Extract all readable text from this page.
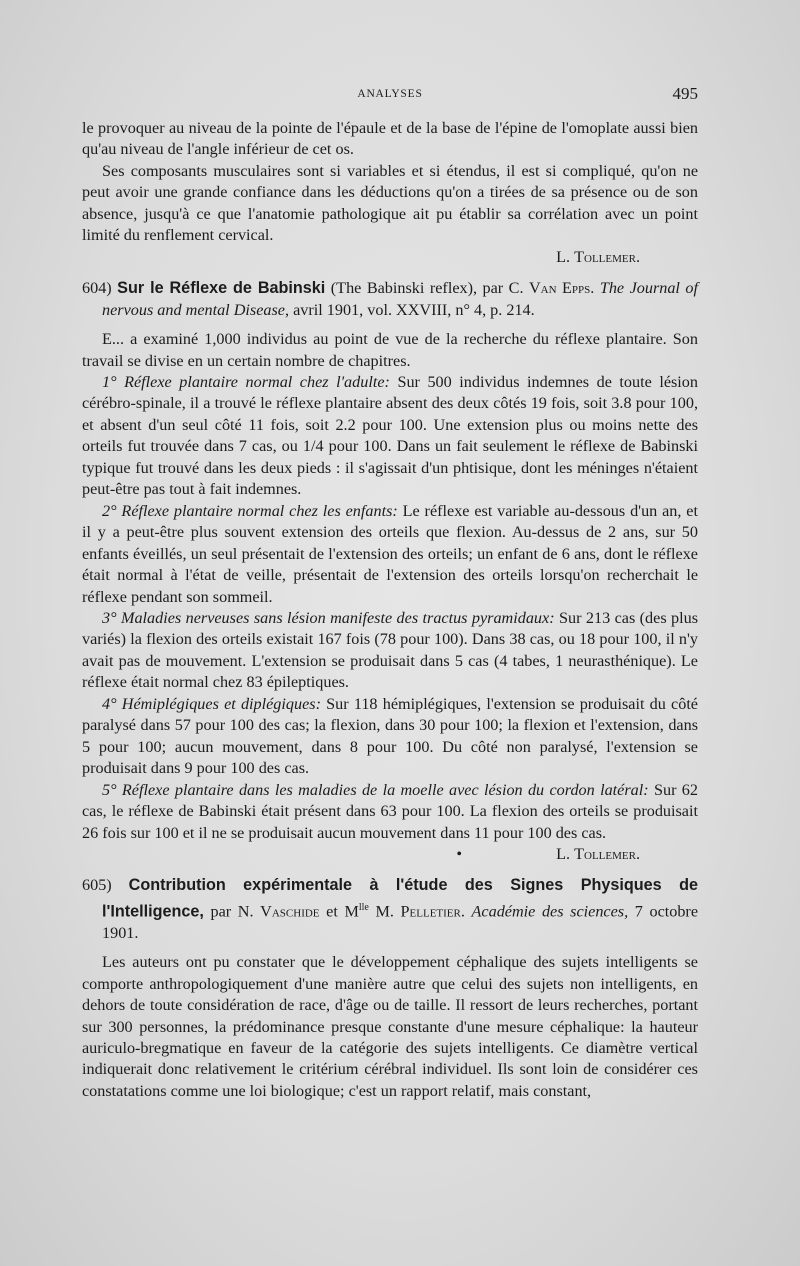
ANALYSES	495

le provoquer au niveau de la pointe de l'épaule et de la base de l'épine de l'omoplate aussi bien qu'au niveau de l'angle inférieur de cet os.

Ses composants musculaires sont si variables et si étendus, il est si compliqué, qu'on ne peut avoir une grande confiance dans les déductions qu'on a tirées de sa présence ou de son absence, jusqu'à ce que l'anatomie pathologique ait pu établir sa corrélation avec un point limité du renflement cervical.

L. Tollemer.

604) Sur le Réflexe de Babinski (The Babinski reflex), par C. Van Epps. The Journal of nervous and mental Disease, avril 1901, vol. XXVIII, n° 4, p. 214.

E... a examiné 1,000 individus au point de vue de la recherche du réflexe plantaire. Son travail se divise en un certain nombre de chapitres.

1° Réflexe plantaire normal chez l'adulte: Sur 500 individus indemnes de toute lésion cérébro-spinale, il a trouvé le réflexe plantaire absent des deux côtés 19 fois, soit 3.8 pour 100, et absent d'un seul côté 11 fois, soit 2.2 pour 100. Une extension plus ou moins nette des orteils fut trouvée dans 7 cas, ou 1/4 pour 100. Dans un fait seulement le réflexe de Babinski typique fut trouvé dans les deux pieds : il s'agissait d'un phtisique, dont les méninges n'étaient peut-être pas tout à fait indemnes.

2° Réflexe plantaire normal chez les enfants: Le réflexe est variable au-dessous d'un an, et il y a peut-être plus souvent extension des orteils que flexion. Au-dessus de 2 ans, sur 50 enfants éveillés, un seul présentait de l'extension des orteils; un enfant de 6 ans, dont le réflexe était normal à l'état de veille, présentait de l'extension des orteils lorsqu'on recherchait le réflexe pendant son sommeil.

3° Maladies nerveuses sans lésion manifeste des tractus pyramidaux: Sur 213 cas (des plus variés) la flexion des orteils existait 167 fois (78 pour 100). Dans 38 cas, ou 18 pour 100, il n'y avait pas de mouvement. L'extension se produisait dans 5 cas (4 tabes, 1 neurasthénique). Le réflexe était normal chez 83 épileptiques.

4° Hémiplégiques et diplégiques: Sur 118 hémiplégiques, l'extension se produisait du côté paralysé dans 57 pour 100 des cas; la flexion, dans 30 pour 100; la flexion et l'extension, dans 5 pour 100; aucun mouvement, dans 8 pour 100. Du côté non paralysé, l'extension se produisait dans 9 pour 100 des cas.

5° Réflexe plantaire dans les maladies de la moelle avec lésion du cordon latéral: Sur 62 cas, le réflexe de Babinski était présent dans 63 pour 100. La flexion des orteils se produisait 26 fois sur 100 et il ne se produisait aucun mouvement dans 11 pour 100 des cas.

•	L. Tollemer.

605) Contribution expérimentale à l'étude des Signes Physiques de l'Intelligence, par N. Vaschide et $M^{lle}$ M. Pelletier. Académie des sciences, 7 octobre 1901.

Les auteurs ont pu constater que le développement céphalique des sujets intelligents se comporte anthropologiquement d'une manière autre que celui des sujets non intelligents, en dehors de toute considération de race, d'âge ou de taille. Il ressort de leurs recherches, portant sur 300 personnes, la prédominance presque constante d'une mesure céphalique: la hauteur auriculo-bregmatique en faveur de la catégorie des sujets intelligents. Ce diamètre vertical indiquerait donc relativement le critérium cérébral individuel. Ils sont loin de considérer ces constatations comme une loi biologique; c'est un rapport relatif, mais constant,
